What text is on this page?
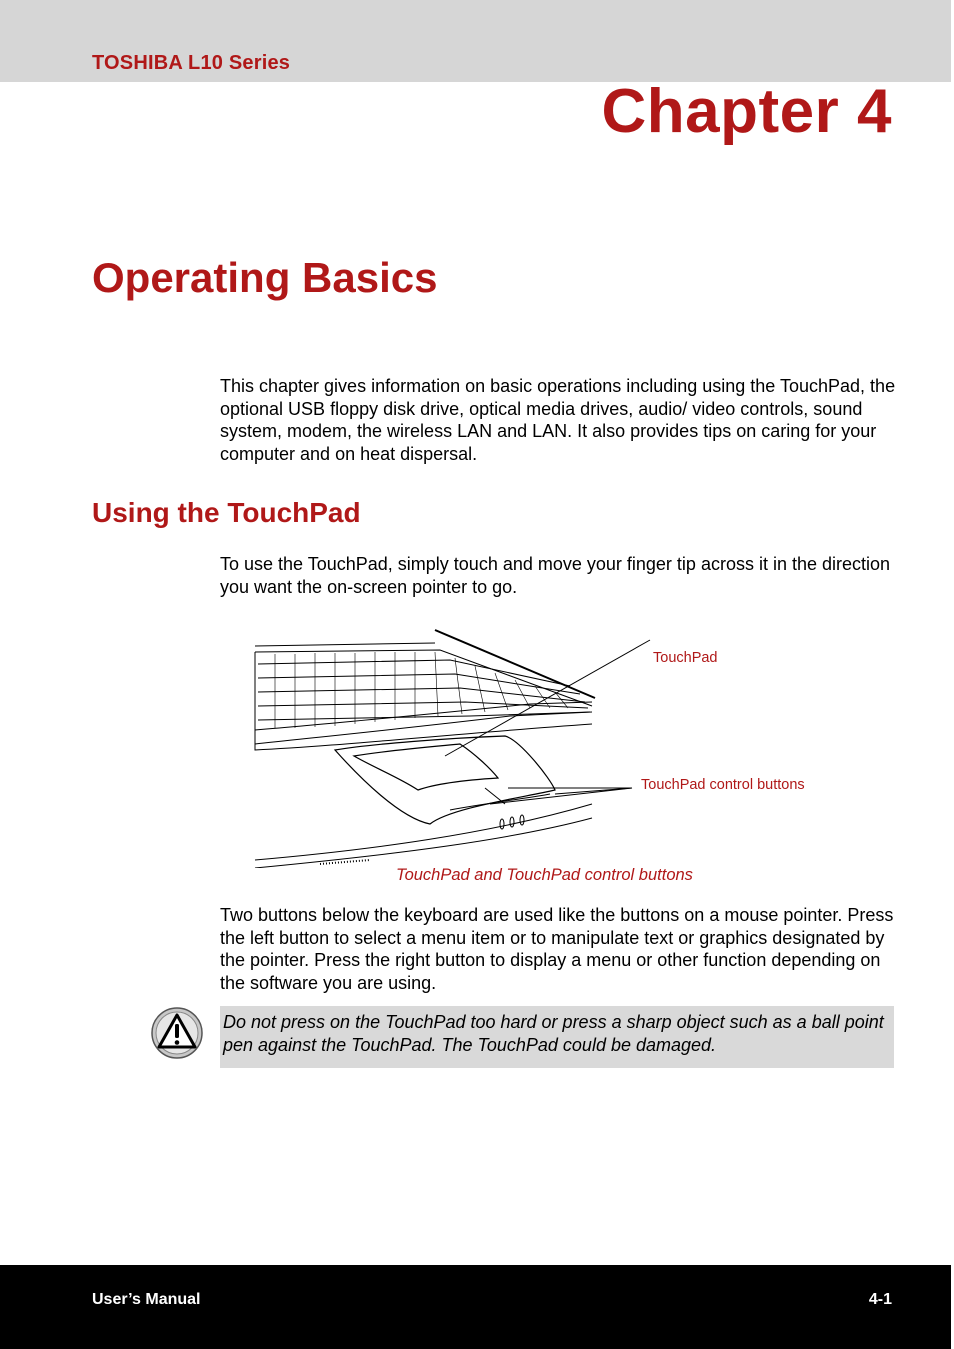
TOSHIBA L10 Series
Chapter 4
Operating Basics
This chapter gives information on basic operations including using the TouchPad, the optional USB floppy disk drive, optical media drives, audio/ video controls, sound system, modem, the wireless LAN and LAN. It also provides tips on caring for your computer and on heat dispersal.
Using the TouchPad
To use the TouchPad, simply touch and move your finger tip across it in the direction you want the on-screen pointer to go.
TouchPad
TouchPad control buttons
TouchPad and TouchPad control buttons
Two buttons below the keyboard are used like the buttons on a mouse pointer. Press the left button to select a menu item or to manipulate text or graphics designated by the pointer. Press the right button to display a menu or other function depending on the software you are using.
Do not press on the TouchPad too hard or press a sharp object such as a ball point pen against the TouchPad. The TouchPad could be damaged.
User’s Manual	4-1
